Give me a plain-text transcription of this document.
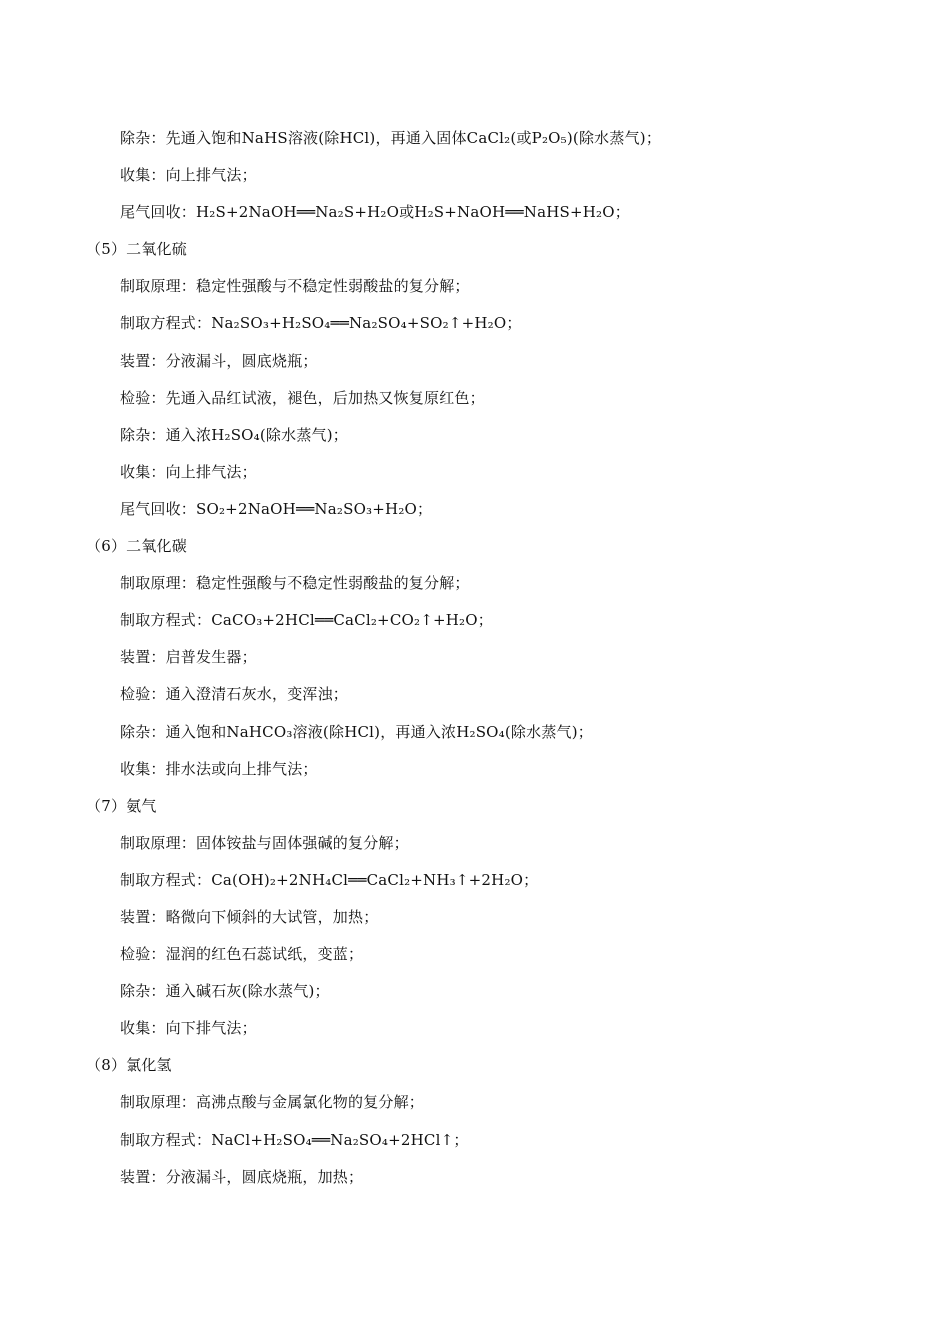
除杂：先通入饱和NaHS溶液(除HCl)，再通入固体CaCl₂(或P₂O₅)(除水蒸气)；
收集：向上排气法；
尾气回收：H₂S+2NaOH══Na₂S+H₂O或H₂S+NaOH══NaHS+H₂O；
（5）二氧化硫
制取原理：稳定性强酸与不稳定性弱酸盐的复分解；
制取方程式：Na₂SO₃+H₂SO₄══Na₂SO₄+SO₂↑+H₂O；
装置：分液漏斗，圆底烧瓶；
检验：先通入品红试液，褪色，后加热又恢复原红色；
除杂：通入浓H₂SO₄(除水蒸气)；
收集：向上排气法；
尾气回收：SO₂+2NaOH══Na₂SO₃+H₂O；
（6）二氧化碳
制取原理：稳定性强酸与不稳定性弱酸盐的复分解；
制取方程式：CaCO₃+2HCl══CaCl₂+CO₂↑+H₂O；
装置：启普发生器；
检验：通入澄清石灰水，变浑浊；
除杂：通入饱和NaHCO₃溶液(除HCl)，再通入浓H₂SO₄(除水蒸气)；
收集：排水法或向上排气法；
（7）氨气
制取原理：固体铵盐与固体强碱的复分解；
制取方程式：Ca(OH)₂+2NH₄Cl══CaCl₂+NH₃↑+2H₂O；
装置：略微向下倾斜的大试管，加热；
检验：湿润的红色石蕊试纸，变蓝；
除杂：通入碱石灰(除水蒸气)；
收集：向下排气法；
（8）氯化氢
制取原理：高沸点酸与金属氯化物的复分解；
制取方程式：NaCl+H₂SO₄══Na₂SO₄+2HCl↑；
装置：分液漏斗，圆底烧瓶，加热；
